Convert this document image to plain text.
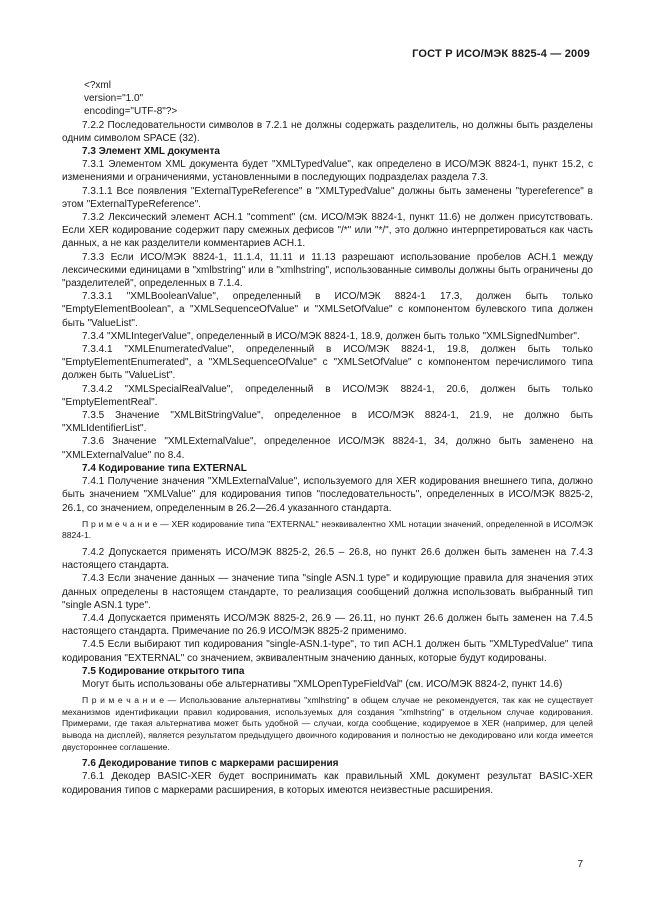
ГОСТ Р ИСО/МЭК 8825-4 — 2009
<?xml
version="1.0"
encoding="UTF-8"?>
7.2.2 Последовательности символов в 7.2.1 не должны содержать разделитель, но должны быть разделены одним символом SPACE (32).
7.3 Элемент XML документа
7.3.1 Элементом XML документа будет "XMLTypedValue", как определено в ИСО/МЭК 8824-1, пункт 15.2, с изменениями и ограничениями, установленными в последующих подразделах раздела 7.3.
7.3.1.1 Все появления "ExternalTypeReference" в "XMLTypedValue" должны быть заменены "typereference" в этом "ExternalTypeReference".
7.3.2 Лексический элемент АСН.1 "comment" (см. ИСО/МЭК 8824-1, пункт 11.6) не должен присутствовать. Если XER кодирование содержит пару смежных дефисов "/*" или "*/", это должно интерпретироваться как часть данных, а не как разделители комментариев АСН.1.
7.3.3 Если ИСО/МЭК 8824-1, 11.1.4, 11.11 и 11.13 разрешают использование пробелов АСН.1 между лексическими единицами в "xmlbstring" или в "xmlhstring", использованные символы должны быть ограничены до "разделителей", определенных в 7.1.4.
7.3.3.1 "XMLBooleanValue", определенный в ИСО/МЭК 8824-1 17.3, должен быть только "EmptyElementBoolean", а "XMLSequenceOfValue" и "XMLSetOfValue" с компонентом булевского типа должен быть "ValueList".
7.3.4 "XMLIntegerValue", определенный в ИСО/МЭК 8824-1, 18.9, должен быть только "XMLSignedNumber".
7.3.4.1 "XMLEnumeratedValue", определенный в ИСО/МЭК 8824-1, 19.8, должен быть только "EmptyElementEnumerated", а "XMLSequenceOfValue" с "XMLSetOfValue" с компонентом перечислимого типа должен быть "ValueList".
7.3.4.2 "XMLSpecialRealValue", определенный в ИСО/МЭК 8824-1, 20.6, должен быть только "EmptyElementReal".
7.3.5 Значение "XMLBitStringValue", определенное в ИСО/МЭК 8824-1, 21.9, не должно быть "XMLIdentifierList".
7.3.6 Значение "XMLExternalValue", определенное ИСО/МЭК 8824-1, 34, должно быть заменено на "XMLExternalValue" по 8.4.
7.4 Кодирование типа EXTERNAL
7.4.1 Получение значения "XMLExternalValue", используемого для XER кодирования внешнего типа, должно быть значением "XMLValue" для кодирования типов "последовательность", определенных в ИСО/МЭК 8825-2, 26.1, со значением, определенным в 26.2—26.4 указанного стандарта.
П р и м е ч а н и е — XER кодирование типа "EXTERNAL" неэквивалентно XML нотации значений, определенной в ИСО/МЭК 8824-1.
7.4.2 Допускается применять ИСО/МЭК 8825-2, 26.5 – 26.8, но пункт 26.6 должен быть заменен на 7.4.3 настоящего стандарта.
7.4.3 Если значение данных — значение типа "single ASN.1 type" и кодирующие правила для значения этих данных определены в настоящем стандарте, то реализация сообщений должна использовать выбранный тип "single ASN.1 type".
7.4.4 Допускается применять ИСО/МЭК 8825-2, 26.9 — 26.11, но пункт 26.6 должен быть заменен на 7.4.5 настоящего стандарта. Примечание по 26.9 ИСО/МЭК 8825-2 применимо.
7.4.5 Если выбирают тип кодирования "single-ASN.1-type", то тип АСН.1 должен быть "XMLTypedValue" типа кодирования "EXTERNAL" со значением, эквивалентным значению данных, которые будут кодированы.
7.5 Кодирование открытого типа
Могут быть использованы обе альтернативы "XMLOpenTypeFieldVal" (см. ИСО/МЭК 8824-2, пункт 14.6)
П р и м е ч а н и е — Использование альтернативы "xmlhstring" в общем случае не рекомендуется, так как не существует механизмов идентификации правил кодирования, используемых для создания "xmlhstring" в отдельном случае кодирования. Примерами, где такая альтернатива может быть удобной — случаи, когда сообщение, кодируемое в XER (например, для целей вывода на дисплей), является результатом предыдущего двоичного кодирования и полностью не декодировано или когда имеется двустороннее соглашение.
7.6 Декодирование типов с маркерами расширения
7.6.1 Декодер BASIC-XER будет воспринимать как правильный XML документ результат BASIC-XER кодирования типов с маркерами расширения, в которых имеются неизвестные расширения.
7
